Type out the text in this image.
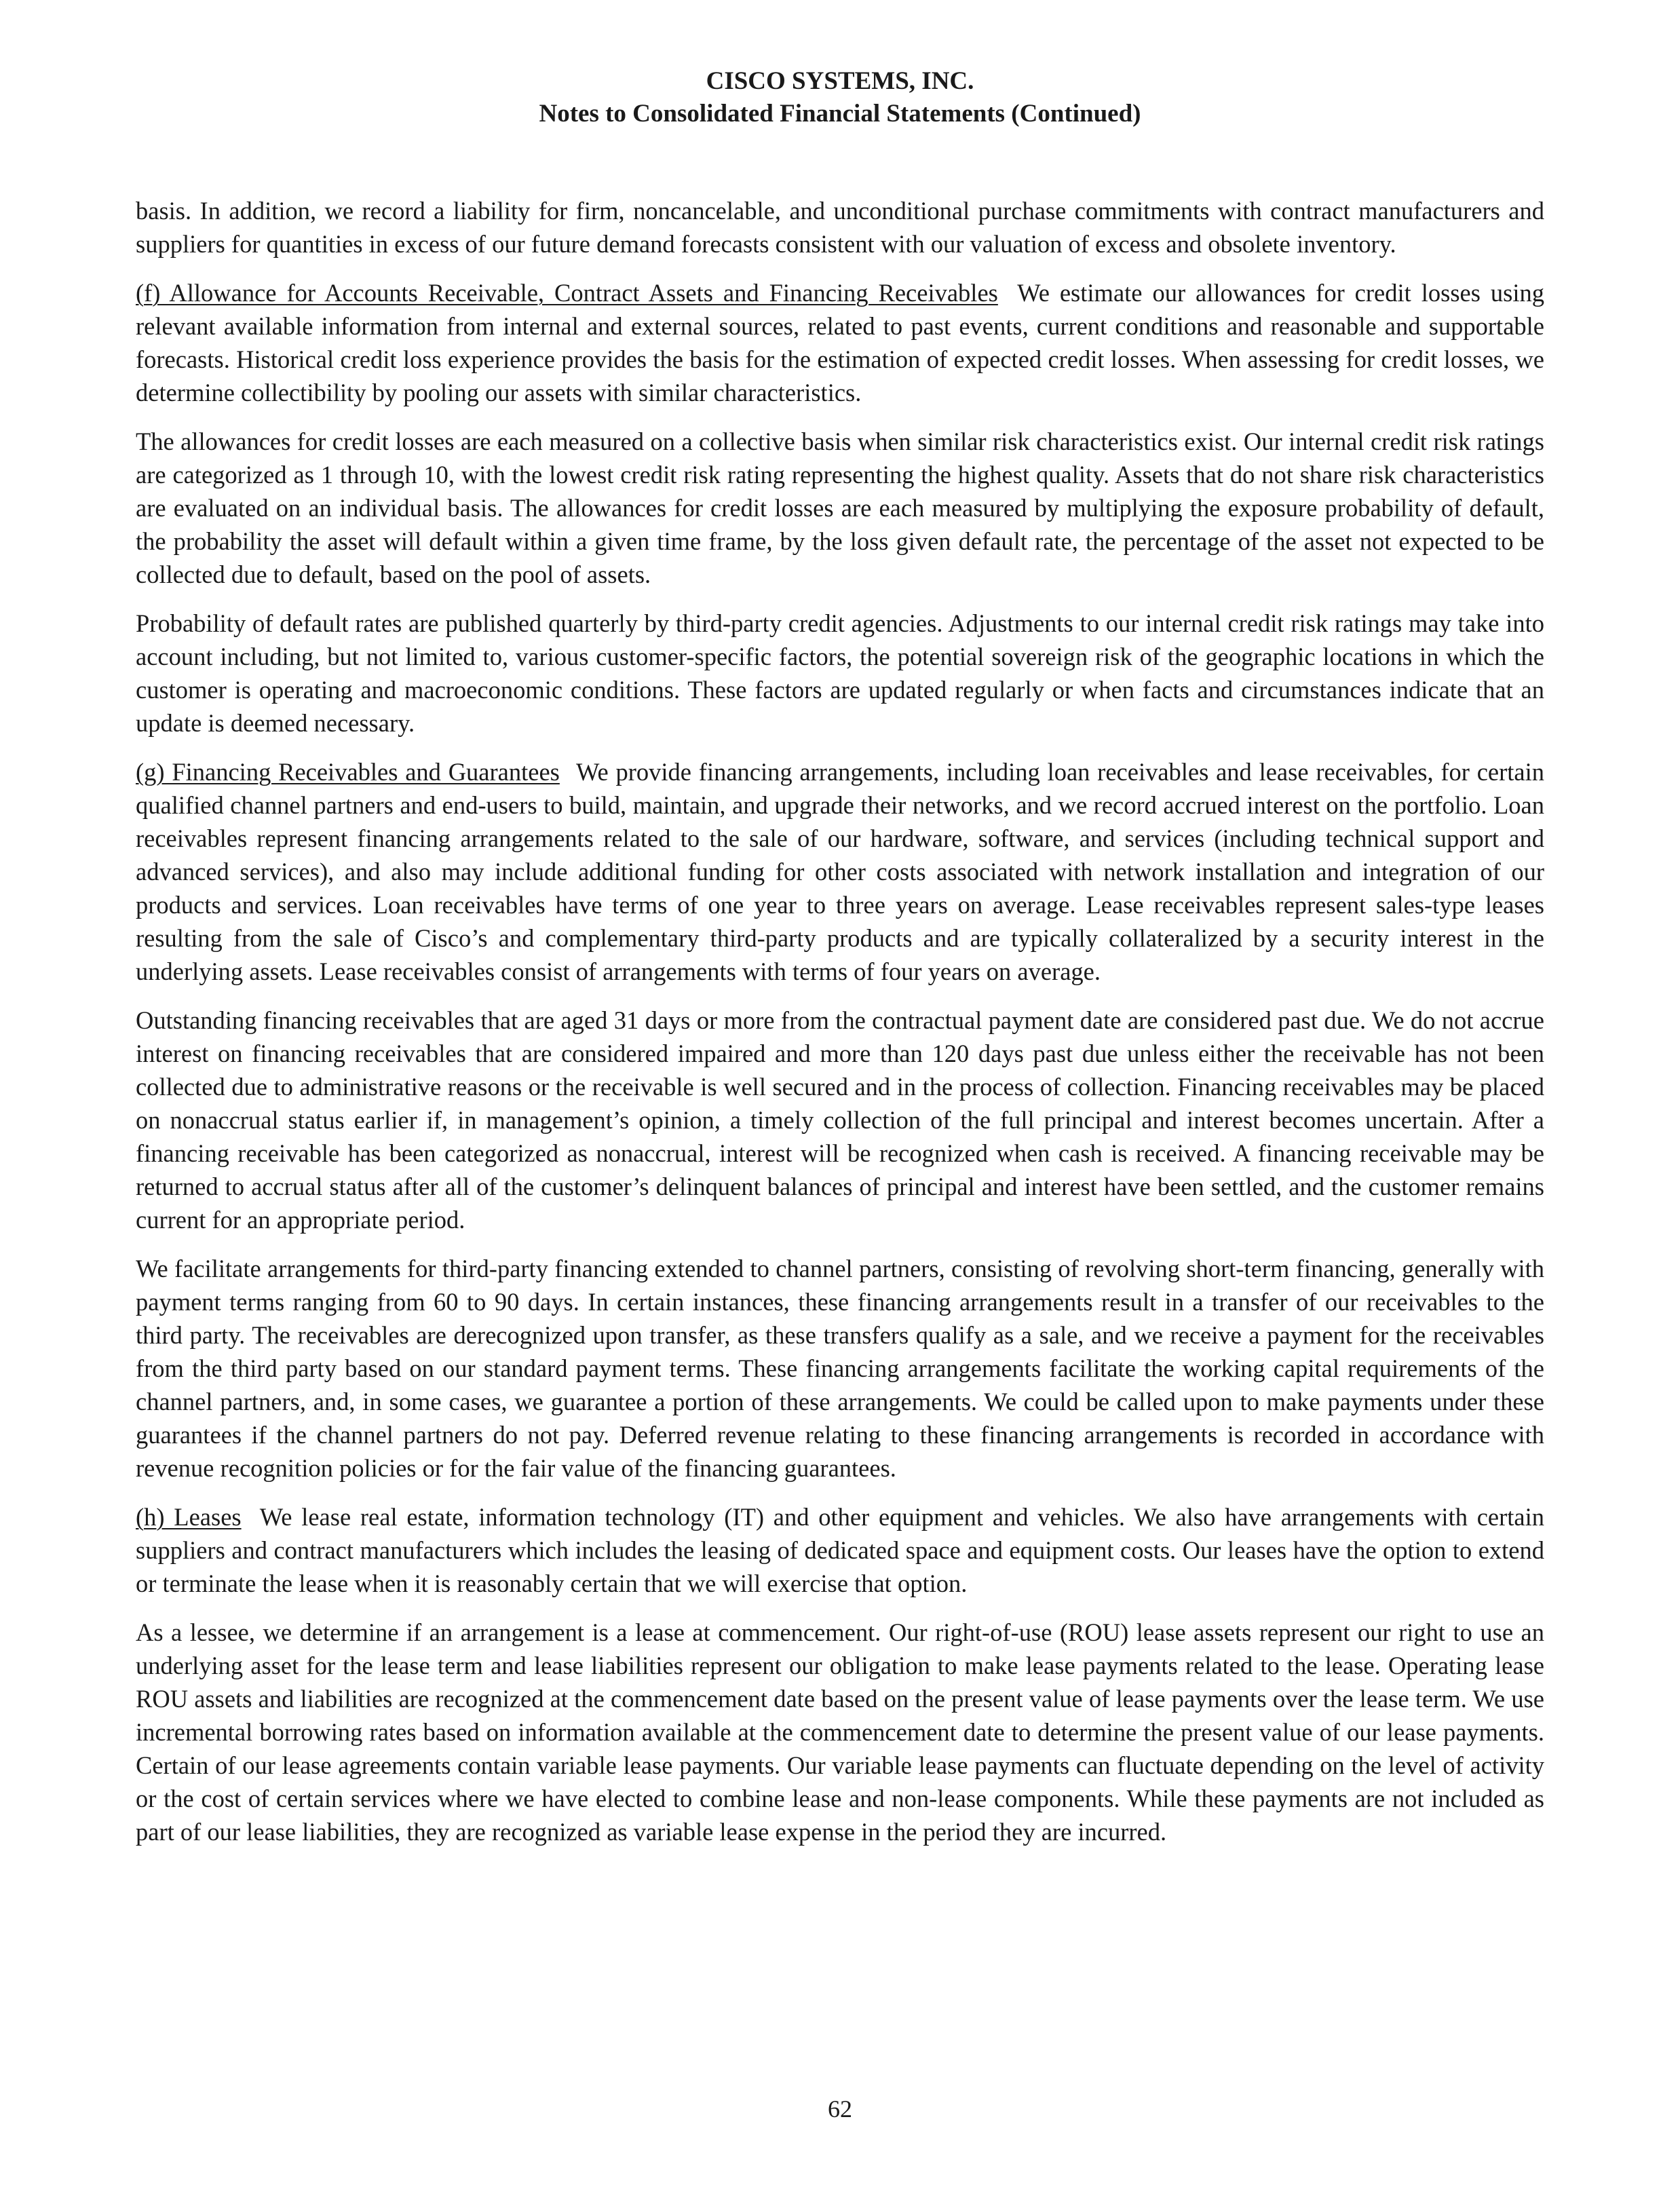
CISCO SYSTEMS, INC.
Notes to Consolidated Financial Statements (Continued)

basis. In addition, we record a liability for firm, noncancelable, and unconditional purchase commitments with contract manufacturers and suppliers for quantities in excess of our future demand forecasts consistent with our valuation of excess and obsolete inventory.

(f) Allowance for Accounts Receivable, Contract Assets and Financing Receivables We estimate our allowances for credit losses using relevant available information from internal and external sources, related to past events, current conditions and reasonable and supportable forecasts. Historical credit loss experience provides the basis for the estimation of expected credit losses. When assessing for credit losses, we determine collectibility by pooling our assets with similar characteristics.

The allowances for credit losses are each measured on a collective basis when similar risk characteristics exist. Our internal credit risk ratings are categorized as 1 through 10, with the lowest credit risk rating representing the highest quality. Assets that do not share risk characteristics are evaluated on an individual basis. The allowances for credit losses are each measured by multiplying the exposure probability of default, the probability the asset will default within a given time frame, by the loss given default rate, the percentage of the asset not expected to be collected due to default, based on the pool of assets.

Probability of default rates are published quarterly by third-party credit agencies. Adjustments to our internal credit risk ratings may take into account including, but not limited to, various customer-specific factors, the potential sovereign risk of the geographic locations in which the customer is operating and macroeconomic conditions. These factors are updated regularly or when facts and circumstances indicate that an update is deemed necessary.

(g) Financing Receivables and Guarantees We provide financing arrangements, including loan receivables and lease receivables, for certain qualified channel partners and end-users to build, maintain, and upgrade their networks, and we record accrued interest on the portfolio. Loan receivables represent financing arrangements related to the sale of our hardware, software, and services (including technical support and advanced services), and also may include additional funding for other costs associated with network installation and integration of our products and services. Loan receivables have terms of one year to three years on average. Lease receivables represent sales-type leases resulting from the sale of Cisco’s and complementary third-party products and are typically collateralized by a security interest in the underlying assets. Lease receivables consist of arrangements with terms of four years on average.

Outstanding financing receivables that are aged 31 days or more from the contractual payment date are considered past due. We do not accrue interest on financing receivables that are considered impaired and more than 120 days past due unless either the receivable has not been collected due to administrative reasons or the receivable is well secured and in the process of collection. Financing receivables may be placed on nonaccrual status earlier if, in management’s opinion, a timely collection of the full principal and interest becomes uncertain. After a financing receivable has been categorized as nonaccrual, interest will be recognized when cash is received. A financing receivable may be returned to accrual status after all of the customer’s delinquent balances of principal and interest have been settled, and the customer remains current for an appropriate period.

We facilitate arrangements for third-party financing extended to channel partners, consisting of revolving short-term financing, generally with payment terms ranging from 60 to 90 days. In certain instances, these financing arrangements result in a transfer of our receivables to the third party. The receivables are derecognized upon transfer, as these transfers qualify as a sale, and we receive a payment for the receivables from the third party based on our standard payment terms. These financing arrangements facilitate the working capital requirements of the channel partners, and, in some cases, we guarantee a portion of these arrangements. We could be called upon to make payments under these guarantees if the channel partners do not pay. Deferred revenue relating to these financing arrangements is recorded in accordance with revenue recognition policies or for the fair value of the financing guarantees.

(h) Leases We lease real estate, information technology (IT) and other equipment and vehicles. We also have arrangements with certain suppliers and contract manufacturers which includes the leasing of dedicated space and equipment costs. Our leases have the option to extend or terminate the lease when it is reasonably certain that we will exercise that option.

As a lessee, we determine if an arrangement is a lease at commencement. Our right-of-use (ROU) lease assets represent our right to use an underlying asset for the lease term and lease liabilities represent our obligation to make lease payments related to the lease. Operating lease ROU assets and liabilities are recognized at the commencement date based on the present value of lease payments over the lease term. We use incremental borrowing rates based on information available at the commencement date to determine the present value of our lease payments. Certain of our lease agreements contain variable lease payments. Our variable lease payments can fluctuate depending on the level of activity or the cost of certain services where we have elected to combine lease and non-lease components. While these payments are not included as part of our lease liabilities, they are recognized as variable lease expense in the period they are incurred.

62
